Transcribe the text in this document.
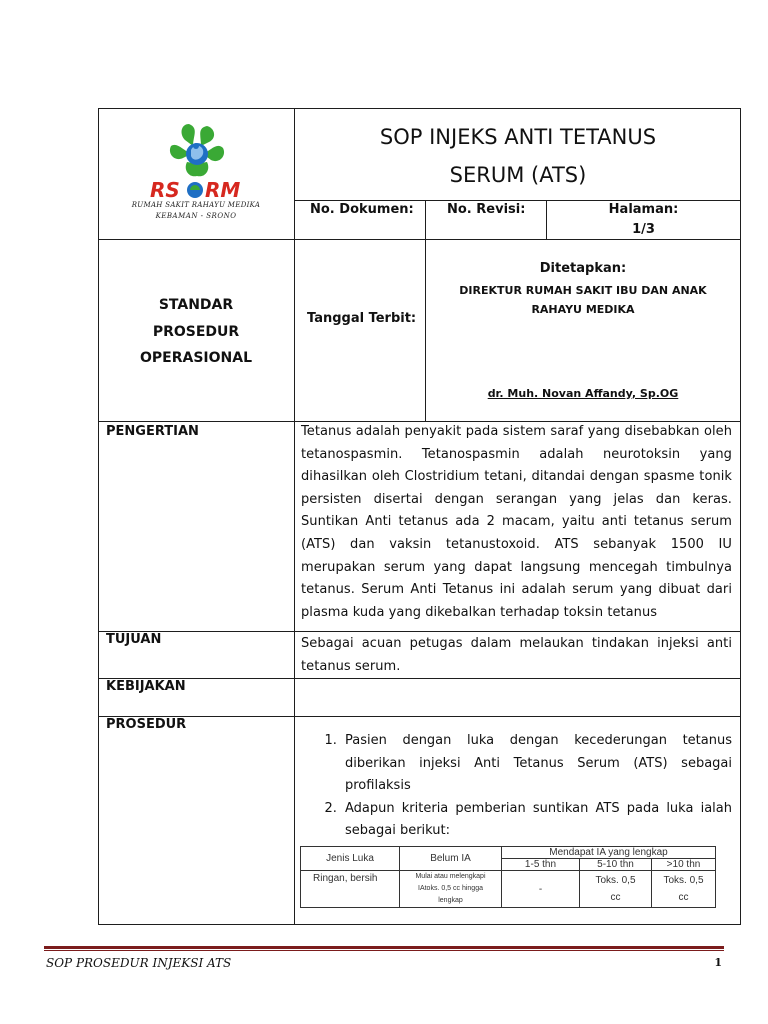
RS RM
RUMAH SAKIT RAHAYU MEDIKA
KEBAMAN - SRONO
SOP INJEKS ANTI TETANUS
SERUM (ATS)
No. Dokumen:	No. Revisi:	Halaman:
1/3
STANDAR
PROSEDUR
OPERASIONAL
Tanggal Terbit:
Ditetapkan:
DIREKTUR RUMAH SAKIT IBU DAN ANAK
RAHAYU MEDIKA
dr. Muh. Novan Affandy, Sp.OG
PENGERTIAN	Tetanus adalah penyakit pada sistem saraf yang disebabkan oleh tetanospasmin. Tetanospasmin adalah neurotoksin yang dihasilkan oleh Clostridium tetani, ditandai dengan spasme tonik persisten disertai dengan serangan yang jelas dan keras. Suntikan Anti tetanus ada 2 macam, yaitu anti tetanus serum (ATS) dan vaksin tetanustoxoid. ATS sebanyak 1500 IU merupakan serum yang dapat langsung mencegah timbulnya tetanus. Serum Anti Tetanus ini adalah serum yang dibuat dari plasma kuda yang dikebalkan terhadap toksin tetanus
TUJUAN	Sebagai acuan petugas dalam melaukan tindakan injeksi anti tetanus serum.
KEBIJAKAN
PROSEDUR
1. Pasien dengan luka dengan kecederungan tetanus diberikan injeksi Anti Tetanus Serum (ATS) sebagai profilaksis
2. Adapun kriteria pemberian suntikan ATS pada luka ialah sebagai berikut:
Jenis Luka	Belum IA	Mendapat IA yang lengkap		
		1-5 thn	5-10 thn	>10 thn
Ringan, bersih	Mulai atau melengkapi IAtoks. 0,5 cc hingga lengkap	-	Toks. 0,5 cc	Toks. 0,5 cc
SOP PROSEDUR INJEKSI ATS	1
